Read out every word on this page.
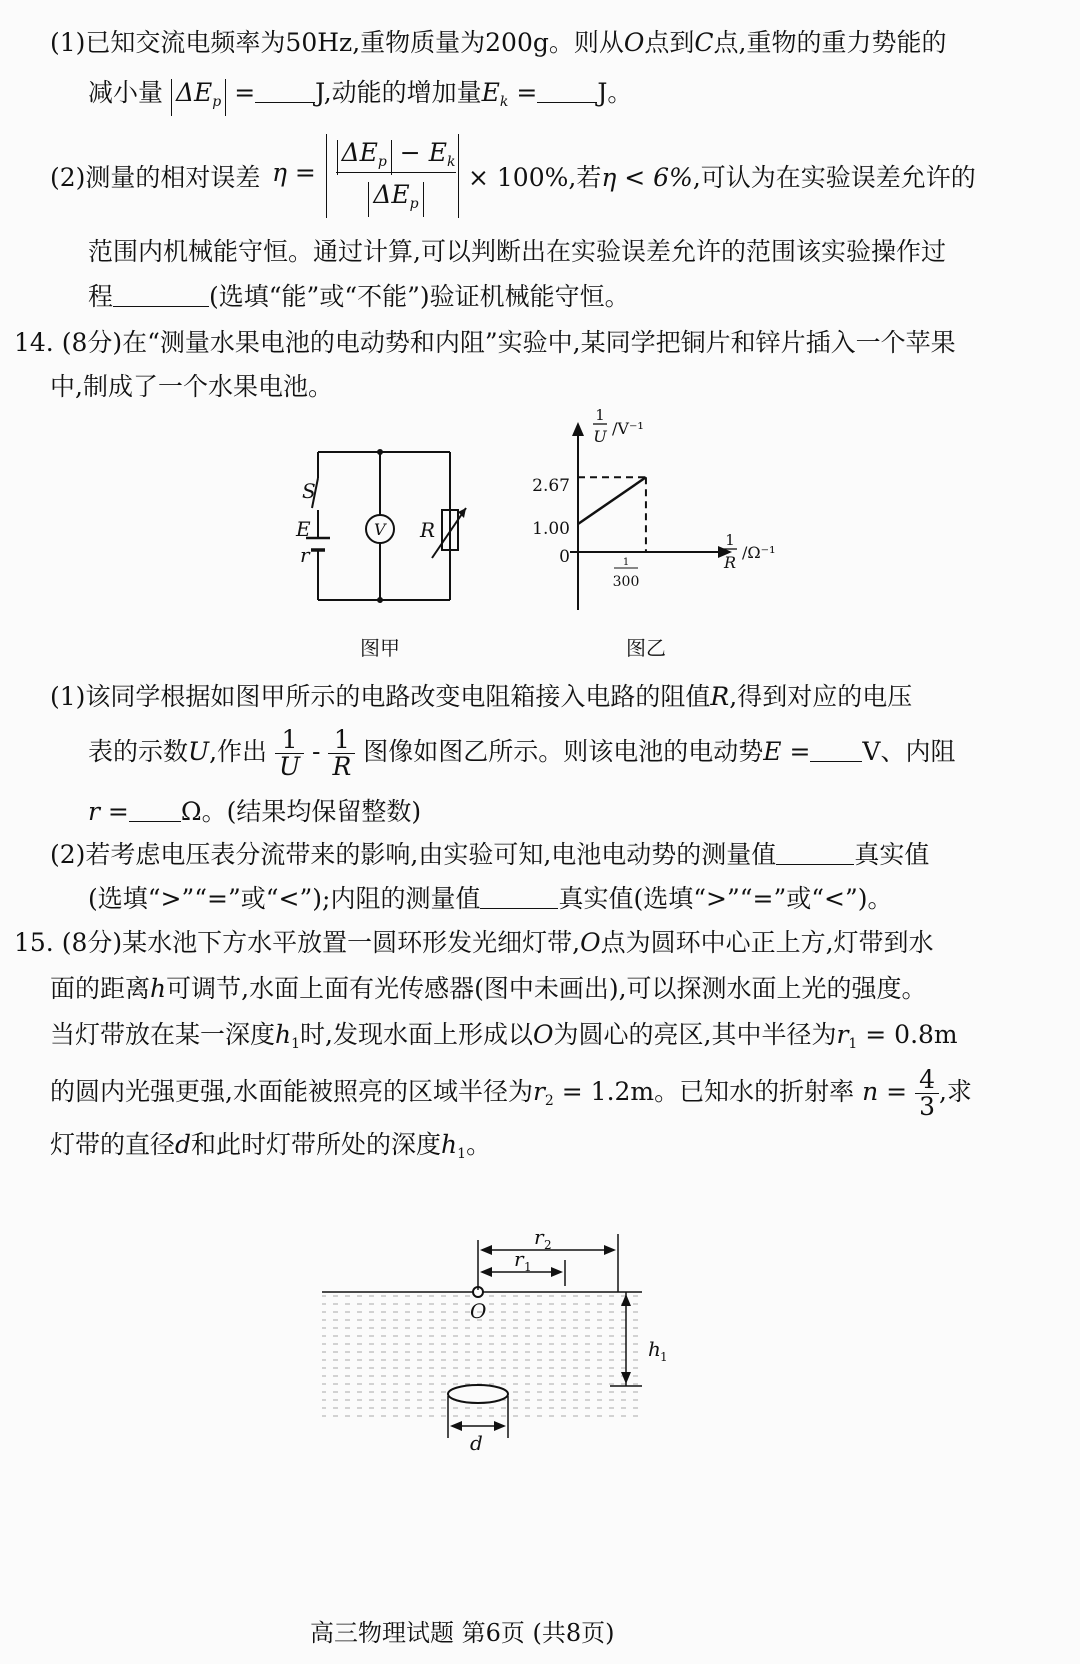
(1)已知交流电频率为50Hz,重物质量为200g。则从O点到C点,重物的重力势能的
减小量 $\Delta E_p = J$,动能的增加量$E_k = J$。
(2)测量的相对误差 η =
$\Delta E_p - E_k$
$\Delta E_p$
× 100%,若η < 6%,可认为在实验误差允许的
范围内机械能守恒。通过计算,可以判断出在实验误差允许的范围该实验操作过
程	(选填“能”或“不能”)验证机械能守恒。
14. (8分)在“测量水果电池的电动势和内阻”实验中,某同学把铜片和锌片插入一个苹果
中,制成了一个水果电池。
S
E
r
V R
图甲
1
U /V⁻¹
1
R
/Ω⁻¹
0
1.00
2.67
1
300
图乙
(1)该同学根据如图甲所示的电路改变电阻箱接入电路的阻值R,得到对应的电压
表的示数U,作出 $\frac{1}{U} - \frac{1}{R}$ 图像如图乙所示。则该电池的电动势E = V、内阻
r = Ω。(结果均保留整数)
(2)若考虑电压表分流带来的影响,由实验可知,电池电动势的测量值	真实值
(选填“>”“=”或“<”);内阻的测量值	真实值(选填“>”“=”或“<”)。
15. (8分)某水池下方水平放置一圆环形发光细灯带,O点为圆环中心正上方,灯带到水
面的距离h可调节,水面上面有光传感器(图中未画出),可以探测水面上光的强度。
当灯带放在某一深度$h_1$时,发现水面上形成以O为圆心的亮区,其中半径为$r_1 = 0.8m$
的圆内光强更强,水面能被照亮的区域半径为$r_2 = 1.2m$。已知水的折射率 $n = \frac{4}{3}$ ,求
灯带的直径d和此时灯带所处的深度$h_1$。
O
r 2
r 1
h 1
d
高三物理试题 第6页 (共8页)
